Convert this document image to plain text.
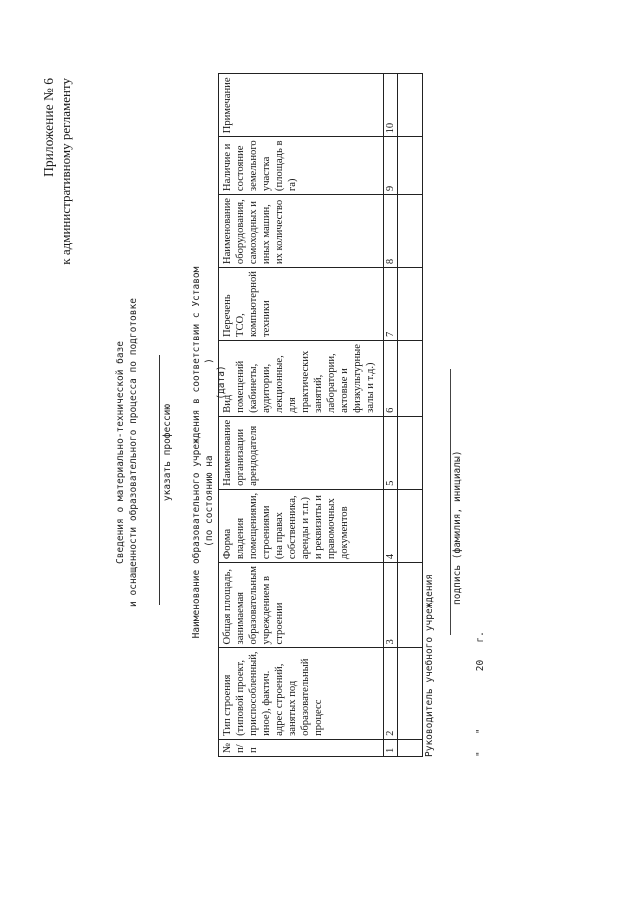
Приложение № 6 к административному регламенту
Сведения о материально-технической базе и оснащенности образовательного процесса по подготовке указать профессию Наименование образовательного учреждения в соответствии с Уставом (по состоянию на  )
(дата)
№ п/п	Тип строения (типовой проект, приспособленный, иное), фактич. адрес строений, занятых под образовательный процесс	Общая площадь, занимаемая образовательным учреждением в строении	Форма владения помещениями, строениями (на правах собственника, аренды и т.п.) и реквизиты и правомочных документов	Наименование организации арендодателя	Вид помещений (кабинеты, аудитории, лекционные, для практических занятий, лаборатории, актовые и физкультурные залы и т.д.)	Перечень ТСО, компьютерной техники	Наименование оборудования, самоходных и иных машин, их количество	Наличие и состояние земельного участка (площадь в га)	Примечание
1	2	3	4	5	6	7	8	9	10

Руководитель учебного учреждения
подпись (фамилия, инициалы)
"   "          20   г.
